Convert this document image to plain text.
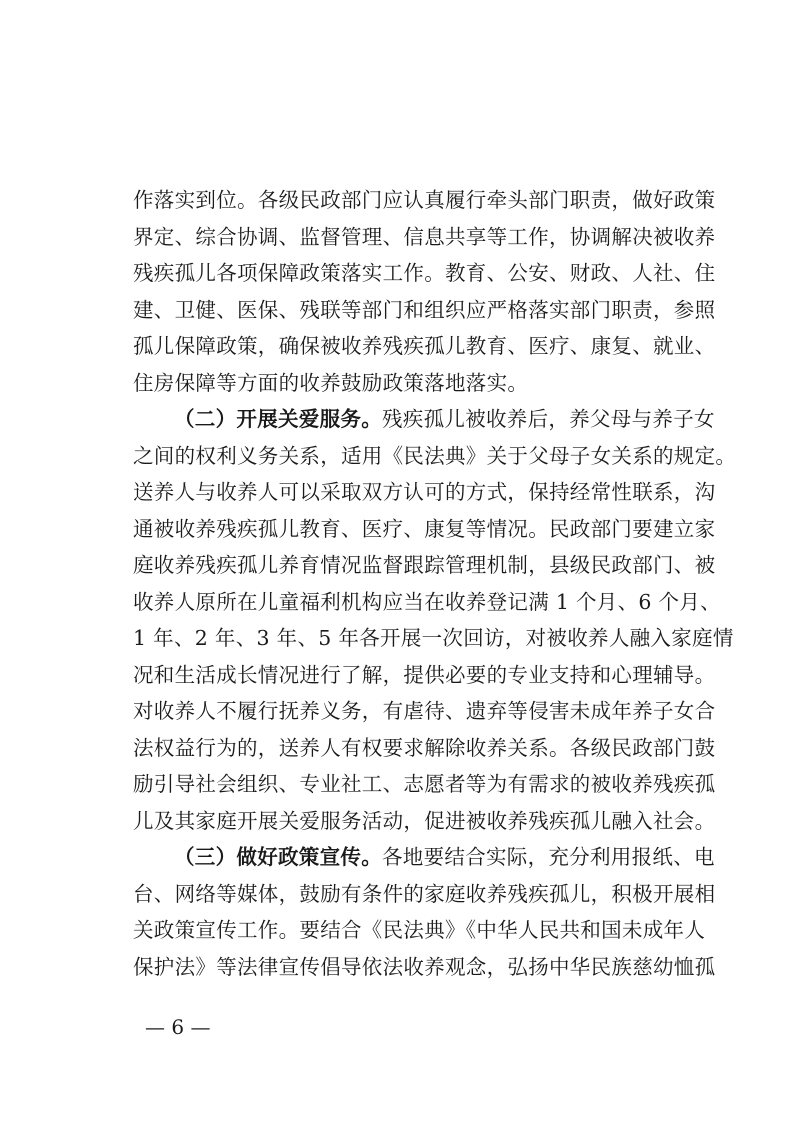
作落实到位。各级民政部门应认真履行牵头部门职责，做好政策
界定、综合协调、监督管理、信息共享等工作，协调解决被收养
残疾孤儿各项保障政策落实工作。教育、公安、财政、人社、住
建、卫健、医保、残联等部门和组织应严格落实部门职责，参照
孤儿保障政策，确保被收养残疾孤儿教育、医疗、康复、就业、
住房保障等方面的收养鼓励政策落地落实。
（二）开展关爱服务。残疾孤儿被收养后，养父母与养子女
之间的权利义务关系，适用《民法典》关于父母子女关系的规定。
送养人与收养人可以采取双方认可的方式，保持经常性联系，沟
通被收养残疾孤儿教育、医疗、康复等情况。民政部门要建立家
庭收养残疾孤儿养育情况监督跟踪管理机制，县级民政部门、被
收养人原所在儿童福利机构应当在收养登记满 1 个月、6 个月、
1 年、2 年、3 年、5 年各开展一次回访，对被收养人融入家庭情
况和生活成长情况进行了解，提供必要的专业支持和心理辅导。
对收养人不履行抚养义务，有虐待、遗弃等侵害未成年养子女合
法权益行为的，送养人有权要求解除收养关系。各级民政部门鼓
励引导社会组织、专业社工、志愿者等为有需求的被收养残疾孤
儿及其家庭开展关爱服务活动，促进被收养残疾孤儿融入社会。
（三）做好政策宣传。各地要结合实际，充分利用报纸、电
台、网络等媒体，鼓励有条件的家庭收养残疾孤儿，积极开展相
关政策宣传工作。要结合《民法典》《中华人民共和国未成年人
保护法》等法律宣传倡导依法收养观念，弘扬中华民族慈幼恤孤
— 6 —
